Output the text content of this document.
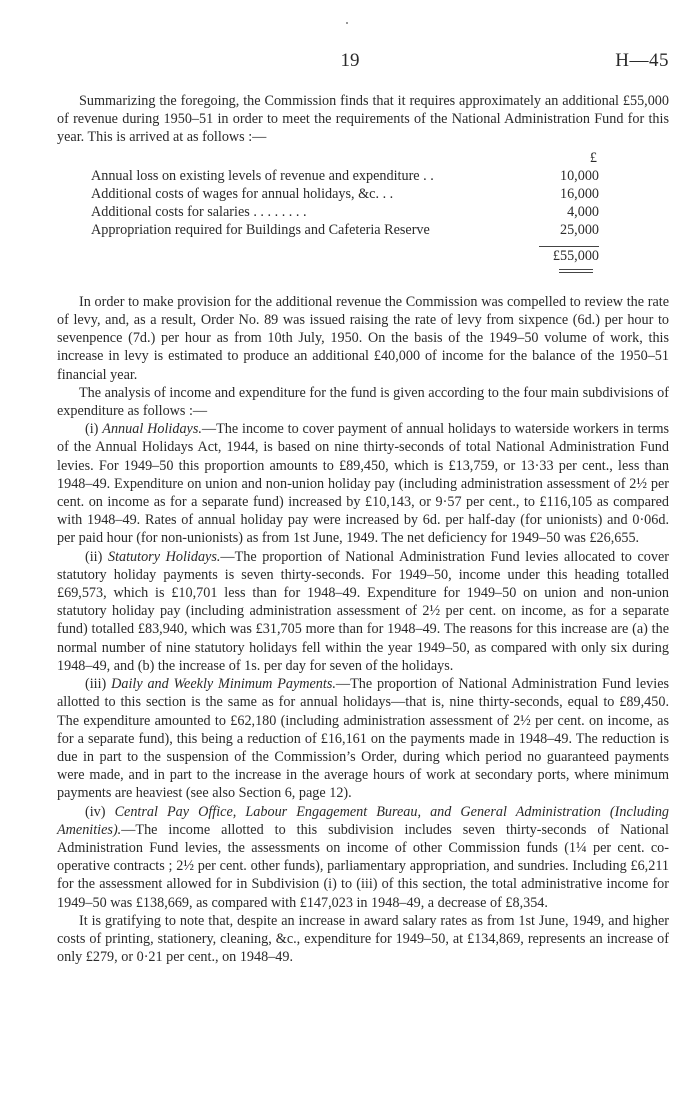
19	H—45

Summarizing the foregoing, the Commission finds that it requires approximately an additional £55,000 of revenue during 1950–51 in order to meet the requirements of the National Administration Fund for this year. This is arrived at as follows :—

£
Annual loss on existing levels of revenue and expenditure . .	10,000
Additional costs of wages for annual holidays, &c. . .	16,000
Additional costs for salaries . . . . . . . .	4,000
Appropriation required for Buildings and Cafeteria Reserve	25,000
£55,000

In order to make provision for the additional revenue the Commission was compelled to review the rate of levy, and, as a result, Order No. 89 was issued raising the rate of levy from sixpence (6d.) per hour to sevenpence (7d.) per hour as from 10th July, 1950. On the basis of the 1949–50 volume of work, this increase in levy is estimated to produce an additional £40,000 of income for the balance of the 1950–51 financial year.

The analysis of income and expenditure for the fund is given according to the four main subdivisions of expenditure as follows :—

(i) Annual Holidays.—The income to cover payment of annual holidays to waterside workers in terms of the Annual Holidays Act, 1944, is based on nine thirty-seconds of total National Administration Fund levies. For 1949–50 this proportion amounts to £89,450, which is £13,759, or 13·33 per cent., less than 1948–49. Expenditure on union and non-union holiday pay (including administration assessment of 2½ per cent. on income as for a separate fund) increased by £10,143, or 9·57 per cent., to £116,105 as compared with 1948–49. Rates of annual holiday pay were increased by 6d. per half-day (for unionists) and 0·06d. per paid hour (for non-unionists) as from 1st June, 1949. The net deficiency for 1949–50 was £26,655.

(ii) Statutory Holidays.—The proportion of National Administration Fund levies allocated to cover statutory holiday payments is seven thirty-seconds. For 1949–50, income under this heading totalled £69,573, which is £10,701 less than for 1948–49. Expenditure for 1949–50 on union and non-union statutory holiday pay (including administration assessment of 2½ per cent. on income, as for a separate fund) totalled £83,940, which was £31,705 more than for 1948–49. The reasons for this increase are (a) the normal number of nine statutory holidays fell within the year 1949–50, as compared with only six during 1948–49, and (b) the increase of 1s. per day for seven of the holidays.

(iii) Daily and Weekly Minimum Payments.—The proportion of National Administration Fund levies allotted to this section is the same as for annual holidays—that is, nine thirty-seconds, equal to £89,450. The expenditure amounted to £62,180 (including administration assessment of 2½ per cent. on income, as for a separate fund), this being a reduction of £16,161 on the payments made in 1948–49. The reduction is due in part to the suspension of the Commission’s Order, during which period no guaranteed payments were made, and in part to the increase in the average hours of work at secondary ports, where minimum payments are heaviest (see also Section 6, page 12).

(iv) Central Pay Office, Labour Engagement Bureau, and General Administration (Including Amenities).—The income allotted to this subdivision includes seven thirty-seconds of National Administration Fund levies, the assessments on income of other Commission funds (1¼ per cent. co-operative contracts ; 2½ per cent. other funds), parliamentary appropriation, and sundries. Including £6,211 for the assessment allowed for in Subdivision (i) to (iii) of this section, the total administrative income for 1949–50 was £138,669, as compared with £147,023 in 1948–49, a decrease of £8,354.

It is gratifying to note that, despite an increase in award salary rates as from 1st June, 1949, and higher costs of printing, stationery, cleaning, &c., expenditure for 1949–50, at £134,869, represents an increase of only £279, or 0·21 per cent., on 1948–49.
